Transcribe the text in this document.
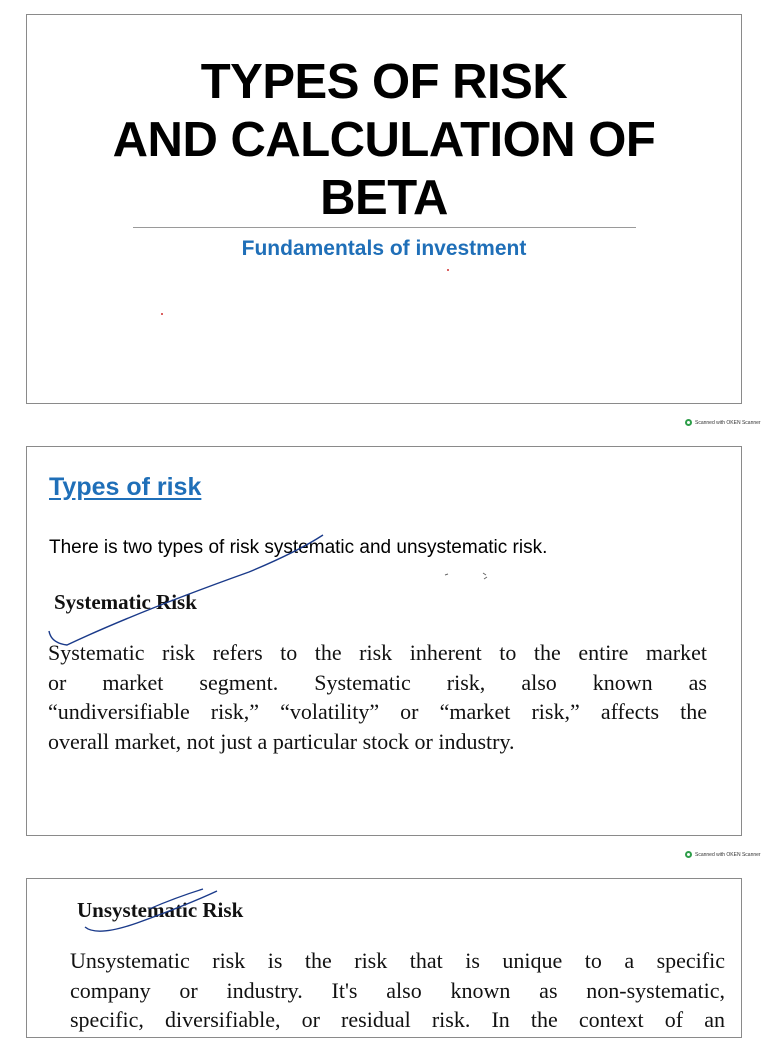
TYPES OF RISK
AND CALCULATION OF
BETA
Fundamentals of investment
Scanned with OKEN Scanner
Types of risk
There is two types of risk systematic and unsystematic risk.
Systematic Risk
Systematic risk refers to the risk inherent to the entire market
or market segment. Systematic risk, also known as
“undiversifiable risk,” “volatility” or “market risk,” affects the
overall market, not just a particular stock or industry.
Scanned with OKEN Scanner
Unsystematic Risk
Unsystematic risk is the risk that is unique to a specific
company or industry. It's also known as non-systematic,
specific, diversifiable, or residual risk. In the context of an
